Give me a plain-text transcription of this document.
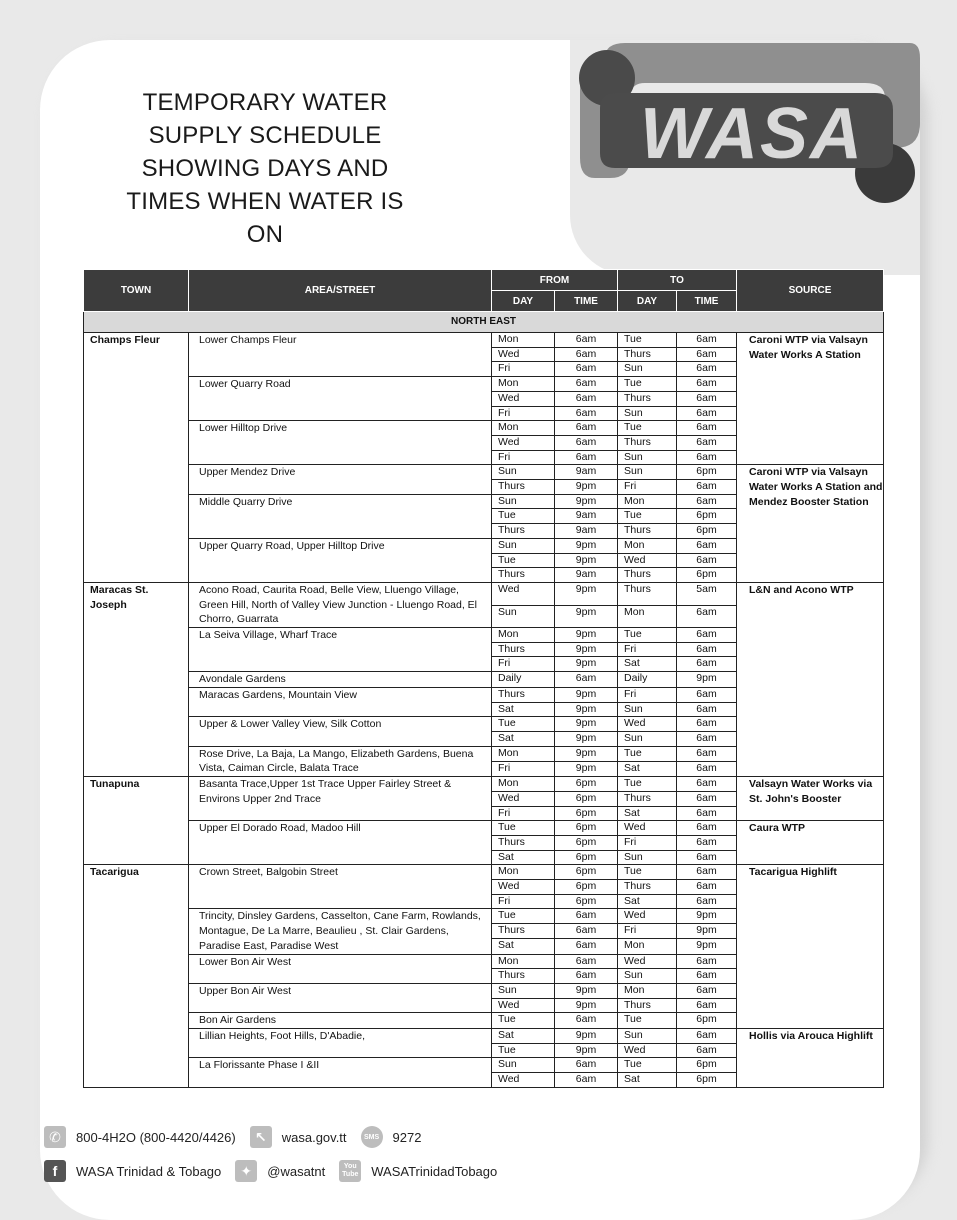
WASA
TEMPORARY WATER SUPPLY SCHEDULE SHOWING DAYS AND TIMES WHEN WATER IS ON
TOWN	AREA/STREET	FROM		TO		SOURCE
		DAY	TIME	DAY	TIME	
NORTH EAST						
Champs Fleur	Lower Champs Fleur	Mon	6am	Tue	6am	Caroni WTP via Valsayn Water Works A Station
		Wed	6am	Thurs	6am	
		Fri	6am	Sun	6am	
	Lower Quarry Road	Mon	6am	Tue	6am	
		Wed	6am	Thurs	6am	
		Fri	6am	Sun	6am	
	Lower Hilltop Drive	Mon	6am	Tue	6am	
		Wed	6am	Thurs	6am	
		Fri	6am	Sun	6am	
	Upper Mendez Drive	Sun	9am	Sun	6pm	Caroni WTP via Valsayn Water Works A Station and Mendez Booster Station
		Thurs	9pm	Fri	6am	
	Middle Quarry Drive	Sun	9pm	Mon	6am	
		Tue	9am	Tue	6pm	
		Thurs	9am	Thurs	6pm	
	Upper Quarry Road, Upper Hilltop Drive	Sun	9pm	Mon	6am	
		Tue	9pm	Wed	6am	
		Thurs	9am	Thurs	6pm	
Maracas St. Joseph	Acono Road, Caurita Road, Belle View, Lluengo Village, Green Hill, North of Valley View Junction - Lluengo Road, El Chorro, Guarrata	Wed	9pm	Thurs	5am	L&N and Acono WTP
		Sun	9pm	Mon	6am	
	La Seiva Village, Wharf Trace	Mon	9pm	Tue	6am	
		Thurs	9pm	Fri	6am	
		Fri	9pm	Sat	6am	
	Avondale Gardens	Daily	6am	Daily	9pm	
	Maracas Gardens, Mountain View	Thurs	9pm	Fri	6am	
		Sat	9pm	Sun	6am	
	Upper & Lower Valley View, Silk Cotton	Tue	9pm	Wed	6am	
		Sat	9pm	Sun	6am	
	Rose Drive, La Baja, La Mango, Elizabeth Gardens, Buena Vista, Caiman Circle, Balata Trace	Mon	9pm	Tue	6am	
		Fri	9pm	Sat	6am	
Tunapuna	Basanta Trace,Upper 1st Trace Upper Fairley Street & Environs Upper 2nd Trace	Mon	6pm	Tue	6am	Valsayn Water Works via St. John's Booster
		Wed	6pm	Thurs	6am	
		Fri	6pm	Sat	6am	
	Upper El Dorado Road, Madoo Hill	Tue	6pm	Wed	6am	Caura WTP
		Thurs	6pm	Fri	6am	
		Sat	6pm	Sun	6am	
Tacarigua	Crown Street, Balgobin Street	Mon	6pm	Tue	6am	Tacarigua Highlift
		Wed	6pm	Thurs	6am	
		Fri	6pm	Sat	6am	
	Trincity, Dinsley Gardens, Casselton, Cane Farm, Rowlands, Montague, De La Marre, Beaulieu , St. Clair Gardens, Paradise East, Paradise West	Tue	6am	Wed	9pm	
		Thurs	6am	Fri	9pm	
		Sat	6am	Mon	9pm	
	Lower Bon Air West	Mon	6am	Wed	6am	
		Thurs	6am	Sun	6am	
	Upper Bon Air West	Sun	9pm	Mon	6am	
		Wed	9pm	Thurs	6am	
	Bon Air Gardens	Tue	6am	Tue	6pm	
	Lillian Heights, Foot Hills, D'Abadie,	Sat	9pm	Sun	6am	Hollis via Arouca Highlift
		Tue	9pm	Wed	6am	
	La Florissante Phase I &II	Sun	6am	Tue	6pm	
		Wed	6am	Sat	6pm	
✆	800-4H2O (800-4420/4426)	↖	wasa.gov.tt	SMS 9272
f	WASA Trinidad & Tobago	✦	@wasatnt	You Tube WASATrinidadTobago
